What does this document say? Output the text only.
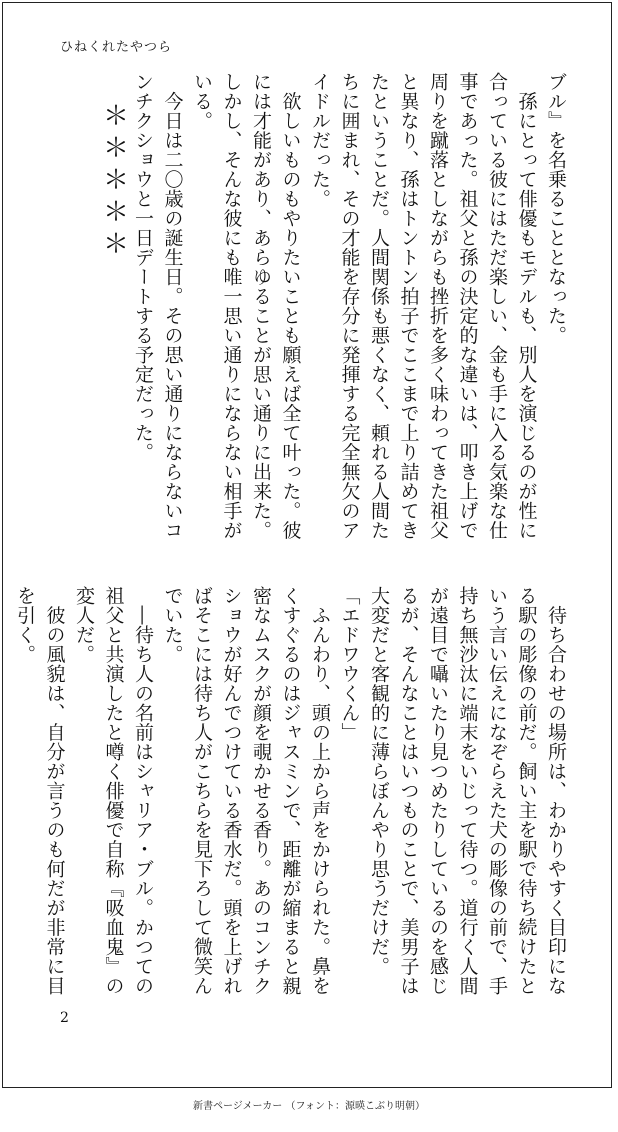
ひねくれたやつら

ブル』を名乗ることとなった。

　孫にとって俳優もモデルも、別人を演じるのが性に合っている彼にはただ楽しい、金も手に入る気楽な仕事であった。祖父と孫の決定的な違いは、叩き上げで周りを蹴落としながらも挫折を多く味わってきた祖父と異なり、孫はトントン拍子でここまで上り詰めてきたということだ。人間関係も悪くなく、頼れる人間たちに囲まれ、その才能を存分に発揮する完全無欠のアイドルだった。

　欲しいものもやりたいことも願えば全て叶った。彼には才能があり、あらゆることが思い通りに出来た。しかし、そんな彼にも唯一思い通りにならない相手がいる。

　今日は二〇歳の誕生日。その思い通りにならないコンチクショウと一日デートする予定だった。

＊＊＊＊＊

　待ち合わせの場所は、わかりやすく目印になる駅の彫像の前だ。飼い主を駅で待ち続けたという言い伝えになぞらえた犬の彫像の前で、手持ち無沙汰に端末をいじって待つ。道行く人間が遠目で囁いたり見つめたりしているのを感じるが、そんなことはいつものことで、美男子は大変だと客観的に薄らぼんやり思うだけだ。

「エドワウくん」

　ふんわり、頭の上から声をかけられた。鼻をくすぐるのはジャスミンで、距離が縮まると親密なムスクが顔を覗かせる香り。あのコンチクショウが好んでつけている香水だ。頭を上げればそこには待ち人がこちらを見下ろして微笑んでいた。

　―待ち人の名前はシャリア・ブル。かつての祖父と共演したと噂く俳優で自称『吸血鬼』の変人だ。

　彼の風貌は、自分が言うのも何だが非常に目を引く。

2
新書ページメーカー （フォント：源暎こぶり明朝）
